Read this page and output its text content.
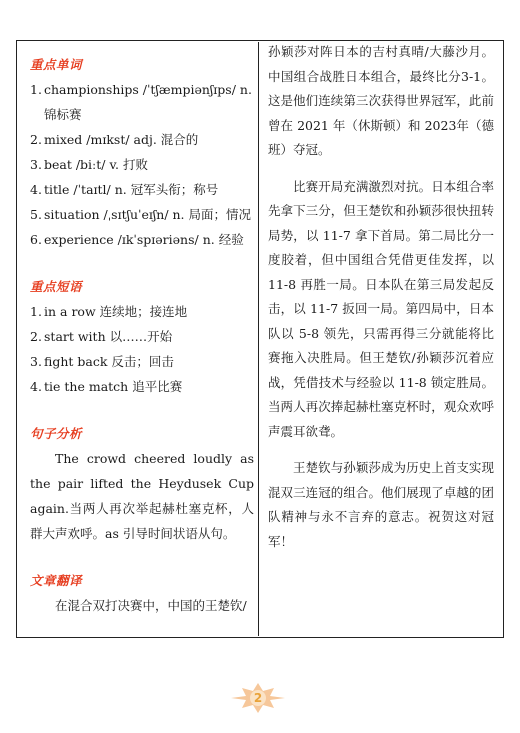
重点单词

1. championships /ˈtʃæmpiənʃɪps/ n. 锦标赛
2. mixed /mɪkst/ adj. 混合的
3. beat /biːt/ v. 打败
4. title /ˈtaɪtl/ n. 冠军头衔；称号
5. situation /ˌsɪtʃuˈeɪʃn/ n. 局面；情况
6. experience /ɪkˈspɪəriəns/ n. 经验

重点短语

1. in a row 连续地；接连地
2. start with 以……开始
3. fight back 反击；回击
4. tie the match 追平比赛

句子分析

The crowd cheered loudly as the pair lifted the Heydusek Cup again.当两人再次举起赫杜塞克杯，人群大声欢呼。as 引导时间状语从句。

文章翻译

在混合双打决赛中，中国的王楚钦/

孙颖莎对阵日本的吉村真晴/大藤沙月。中国组合战胜日本组合，最终比分3-1。这是他们连续第三次获得世界冠军，此前曾在 2021 年（休斯顿）和 2023年（德班）夺冠。

比赛开局充满激烈对抗。日本组合率先拿下三分，但王楚钦和孙颖莎很快扭转局势，以 11-7 拿下首局。第二局比分一度胶着，但中国组合凭借更佳发挥，以 11-8 再胜一局。日本队在第三局发起反击，以 11-7 扳回一局。第四局中，日本队以 5-8 领先，只需再得三分就能将比赛拖入决胜局。但王楚钦/孙颖莎沉着应战，凭借技术与经验以 11-8 锁定胜局。当两人再次捧起赫杜塞克杯时，观众欢呼声震耳欲聋。

王楚钦与孙颖莎成为历史上首支实现混双三连冠的组合。他们展现了卓越的团队精神与永不言弃的意志。祝贺这对冠军！

2
